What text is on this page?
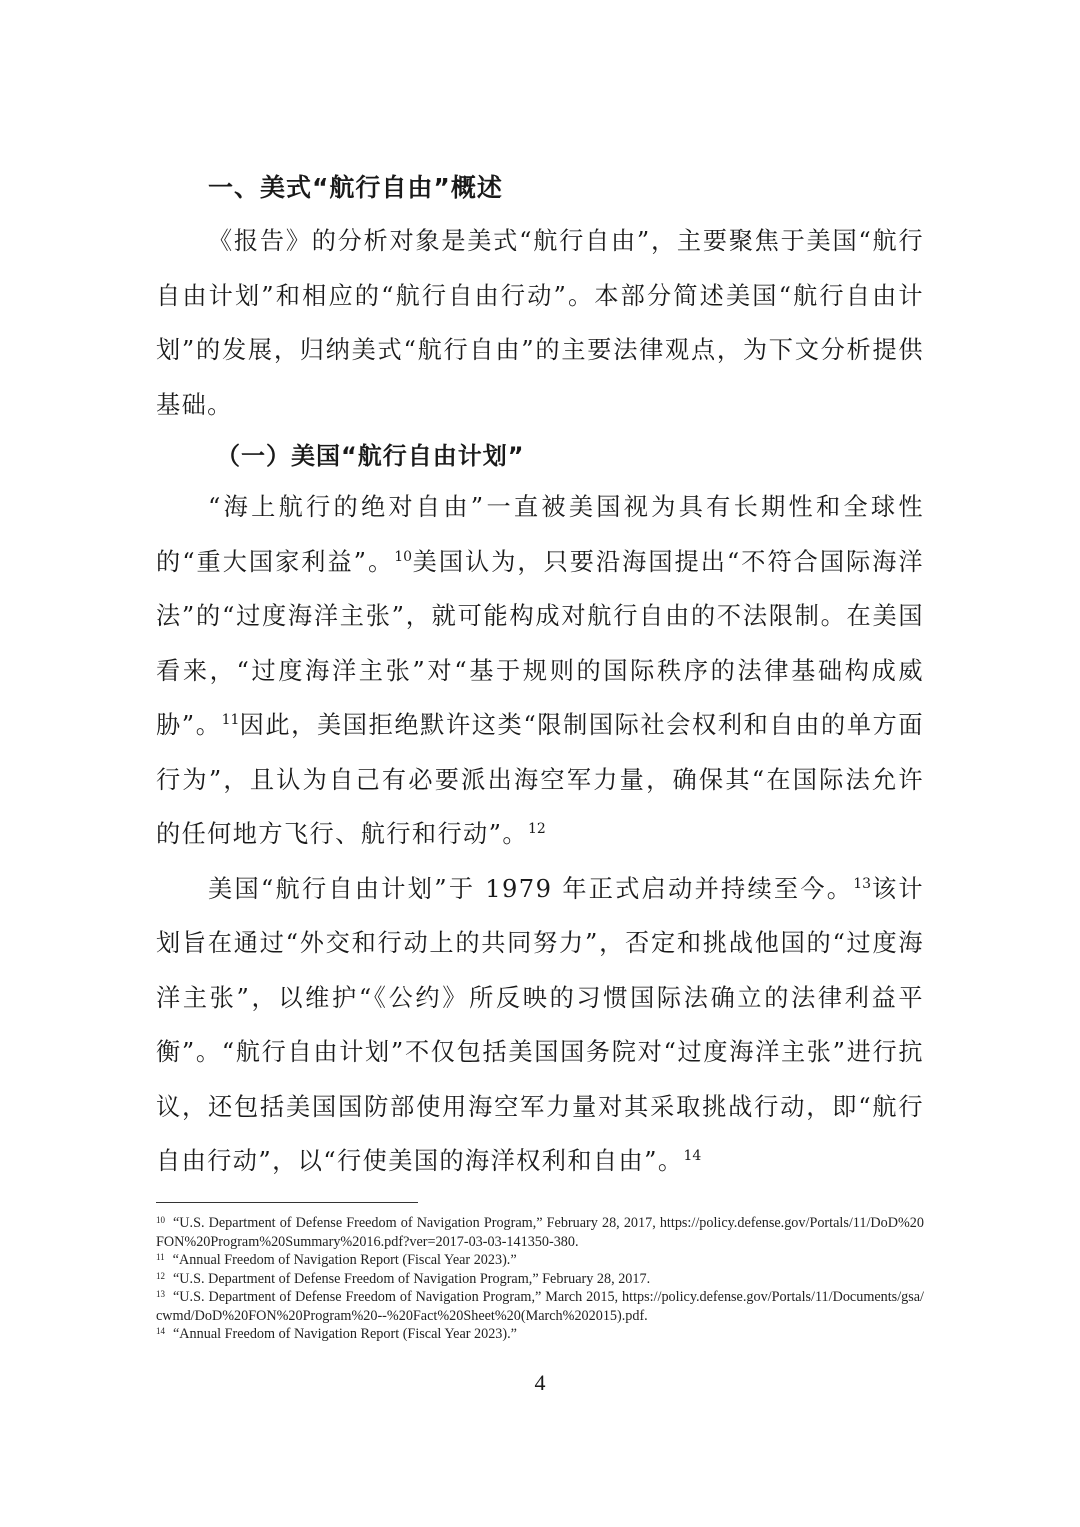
一、美式“航行自由”概述

《报告》的分析对象是美式“航行自由”，主要聚焦于美国“航行自由计划”和相应的“航行自由行动”。本部分简述美国“航行自由计划”的发展，归纳美式“航行自由”的主要法律观点，为下文分析提供基础。

（一）美国“航行自由计划”

“海上航行的绝对自由”一直被美国视为具有长期性和全球性的“重大国家利益”。$^{10}$美国认为，只要沿海国提出“不符合国际海洋法”的“过度海洋主张”，就可能构成对航行自由的不法限制。在美国看来，“过度海洋主张”对“基于规则的国际秩序的法律基础构成威胁”。$^{11}$因此，美国拒绝默许这类“限制国际社会权利和自由的单方面行为”，且认为自己有必要派出海空军力量，确保其“在国际法允许的任何地方飞行、航行和行动”。$^{12}$

美国“航行自由计划”于 1979 年正式启动并持续至今。$^{13}$该计划旨在通过“外交和行动上的共同努力”，否定和挑战他国的“过度海洋主张”，以维护“《公约》所反映的习惯国际法确立的法律利益平衡”。“航行自由计划”不仅包括美国国务院对“过度海洋主张”进行抗议，还包括美国国防部使用海空军力量对其采取挑战行动，即“航行自由行动”，以“行使美国的海洋权利和自由”。$^{14}$

$^{10}$ “U.S. Department of Defense Freedom of Navigation Program,” February 28, 2017, https://policy.defense.gov/Portals/11/DoD%20FON%20Program%20Summary%2016.pdf?ver=2017-03-03-141350-380.

$^{11}$ “Annual Freedom of Navigation Report (Fiscal Year 2023).”

$^{12}$ “U.S. Department of Defense Freedom of Navigation Program,” February 28, 2017.

$^{13}$ “U.S. Department of Defense Freedom of Navigation Program,” March 2015, https://policy.defense.gov/Portals/11/Documents/gsa/cwmd/DoD%20FON%20Program%20--%20Fact%20Sheet%20(March%202015).pdf.

$^{14}$ “Annual Freedom of Navigation Report (Fiscal Year 2023).”

4
